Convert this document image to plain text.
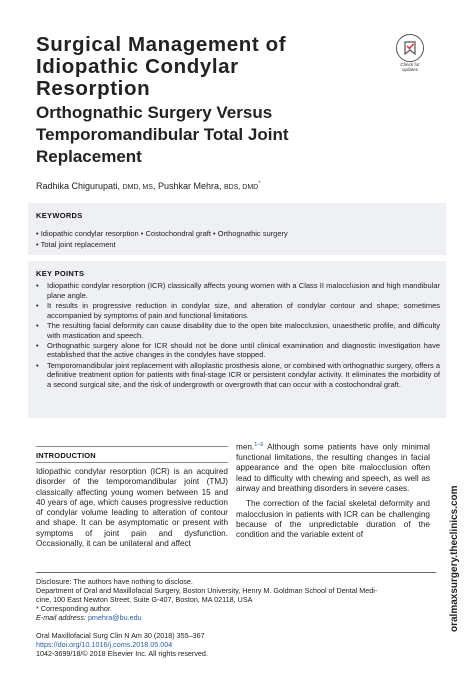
Surgical Management of
Idiopathic Condylar
Resorption
Orthognathic Surgery Versus
Temporomandibular Total Joint
Replacement
Check for
updates
Radhika Chigurupati, DMD, MS, Pushkar Mehra, BDS, DMD*
KEYWORDS
• Idiopathic condylar resorption • Costochondral graft • Orthognathic surgery
• Total joint replacement
KEY POINTS
• Idiopathic condylar resorption (ICR) classically affects young women with a Class II malocclusion and high mandibular plane angle.
• It results in progressive reduction in condylar size, and alteration of condylar contour and shape; sometimes accompanied by symptoms of pain and functional limitations.
• The resulting facial deformity can cause disability due to the open bite malocclusion, unaesthetic profile, and difficulty with mastication and speech.
• Orthognathic surgery alone for ICR should not be done until clinical examination and diagnostic investigation have established that the active changes in the condyles have stopped.
• Temporomandibular joint replacement with alloplastic prosthesis alone, or combined with orthognathic surgery, offers a definitive treatment option for patients with final-stage ICR or persistent condylar activity. It eliminates the morbidity of a second surgical site, and the risk of undergrowth or overgrowth that can occur with a costochondral graft.
INTRODUCTION

Idiopathic condylar resorption (ICR) is an acquired disorder of the temporomandibular joint (TMJ) classically affecting young women between 15 and 40 years of age, which causes progressive reduction of condylar volume leading to alteration of contour and shape. It can be asymptomatic or present with symptoms of joint pain and dysfunction. Occasionally, it can be unilateral and affect

men.$^{1-6}$ Although some patients have only minimal functional limitations, the resulting changes in facial appearance and the open bite malocclusion often lead to difficulty with chewing and speech, as well as airway and breathing disorders in severe cases.

The correction of the facial skeletal deformity and malocclusion in patients with ICR can be challenging because of the unpredictable duration of the condition and the variable extent of	oralmaxsurgery.theclinics.com
Disclosure: The authors have nothing to disclose.
Department of Oral and Maxillofacial Surgery, Boston University, Henry M. Goldman School of Dental Medi-
cine, 100 East Newton Street, Suite G-407, Boston, MA 02118, USA
* Corresponding author.
E-mail address: pmehra@bu.edu
Oral Maxillofacial Surg Clin N Am 30 (2018) 355–367
https://doi.org/10.1016/j.coms.2018.05.004
1042-3699/18/© 2018 Elsevier Inc. All rights reserved.
